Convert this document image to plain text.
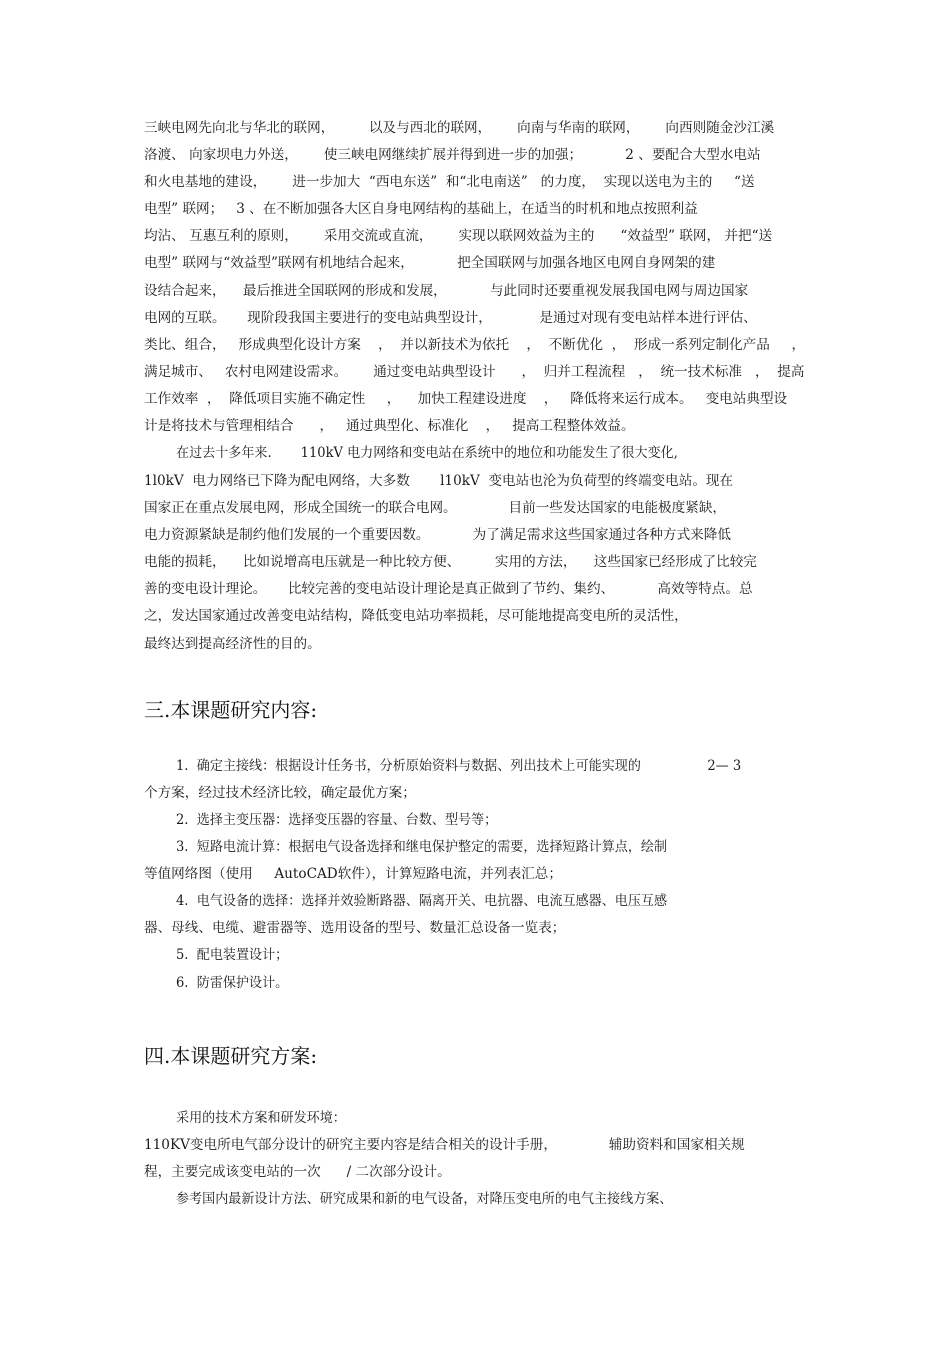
三峡电网先向北与华北的联网，        以及与西北的联网，      向南与华南的联网，      向西则随金沙江溪
洛渡、 向家坝电力外送，      使三峡电网继续扩展并得到进一步的加强；          2 、要配合大型水电站
和火电基地的建设，      进一步加大  “西电东送”  和“北电南送”   的力度，  实现以送电为主的     “送
电型” 联网；   3 、在不断加强各大区自身电网结构的基础上，在适当的时机和地点按照利益
均沾、 互惠互利的原则，      采用交流或直流，      实现以联网效益为主的      “效益型” 联网， 并把“送
电型” 联网与“效益型”联网有机地结合起来，          把全国联网与加强各地区电网自身网架的建
设结合起来，    最后推进全国联网的形成和发展，          与此同时还要重视发展我国电网与周边国家
电网的互联。     现阶段我国主要进行的变电站典型设计，           是通过对现有变电站样本进行评估、
类比、组合，   形成典型化设计方案    ，  并以新技术为依托    ，  不断优化  ，  形成一系列定制化产品     ，
满足城市、   农村电网建设需求。      通过变电站典型设计      ，  归并工程流程   ，  统一技术标准   ，  提高
工作效率  ，  降低项目实施不确定性     ，    加快工程建设进度    ，   降低将来运行成本。   变电站典型设
计是将技术与管理相结合      ，   通过典型化、标准化    ，   提高工程整体效益。
在过去十多年来.       110kV 电力网络和变电站在系统中的地位和功能发生了很大变化,
1l0kV  电力网络已下降为配电网络，大多数       l10kV  变电站也沦为负荷型的终端变电站。现在
国家正在重点发展电网，形成全国统一的联合电网。            目前一些发达国家的电能极度紧缺，
电力资源紧缺是制约他们发展的一个重要因数。          为了满足需求这些国家通过各种方式来降低
电能的损耗，    比如说增高电压就是一种比较方便、        实用的方法，    这些国家已经形成了比较完
善的变电设计理论。     比较完善的变电站设计理论是真正做到了节约、集约、          高效等特点。总
之，发达国家通过改善变电站结构，降低变电站功率损耗，尽可能地提高变电所的灵活性，
最终达到提高经济性的目的。
三.本课题研究内容:
1.  确定主接线：根据设计任务书，分析原始资料与数据、列出技术上可能实现的                2— 3
个方案，经过技术经济比较，确定最优方案；
2.  选择主变压器：选择变压器的容量、台数、型号等；
3.  短路电流计算：根据电气设备选择和继电保护整定的需要，选择短路计算点，绘制
等值网络图（使用     AutoCAD软件），计算短路电流，并列表汇总；
4.  电气设备的选择：选择并效验断路器、隔离开关、电抗器、电流互感器、电压互感
器、母线、电缆、避雷器等、选用设备的型号、数量汇总设备一览表；
5.  配电装置设计；
6.  防雷保护设计。
四.本课题研究方案:
采用的技术方案和研发环境：
110KV变电所电气部分设计的研究主要内容是结合相关的设计手册，            辅助资料和国家相关规
程，主要完成该变电站的一次      / 二次部分设计。
参考国内最新设计方法、研究成果和新的电气设备，对降压变电所的电气主接线方案、
